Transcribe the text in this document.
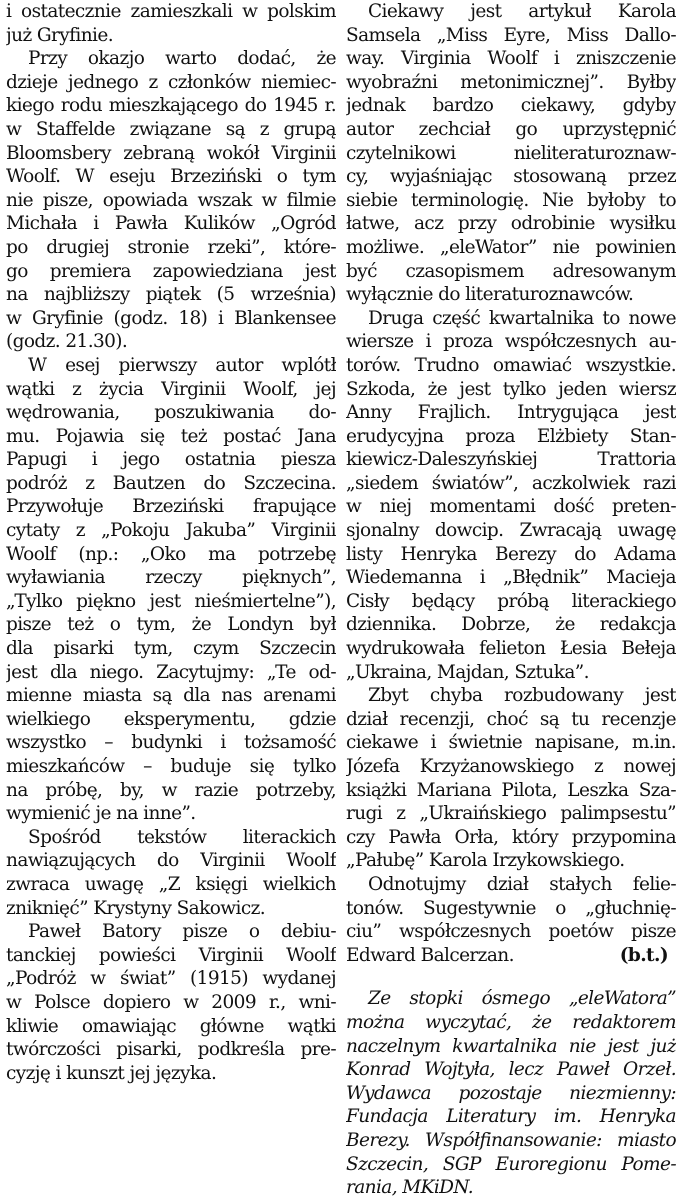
i ostatecznie zamieszkali w polskim
już Gryfinie.
Przy okazjo warto dodać, że
dzieje jednego z członków niemiec-
kiego rodu mieszkającego do 1945 r.
w Staffelde związane są z grupą
Bloomsbery zebraną wokół Virginii
Woolf. W eseju Brzeziński o tym
nie pisze, opowiada wszak w filmie
Michała i Pawła Kulików „Ogród
po drugiej stronie rzeki”, które-
go premiera zapowiedziana jest
na najbliższy piątek (5 września)
w Gryfinie (godz. 18) i Blankensee
(godz. 21.30).
W esej pierwszy autor wplótł
wątki z życia Virginii Woolf, jej
wędrowania, poszukiwania do-
mu. Pojawia się też postać Jana
Papugi i jego ostatnia piesza
podróż z Bautzen do Szczecina.
Przywołuje Brzeziński frapujące
cytaty z „Pokoju Jakuba” Virginii
Woolf (np.: „Oko ma potrzebę
wyławiania rzeczy pięknych”,
„Tylko piękno jest nieśmiertelne”),
pisze też o tym, że Londyn był
dla pisarki tym, czym Szczecin
jest dla niego. Zacytujmy: „Te od-
mienne miasta są dla nas arenami
wielkiego eksperymentu, gdzie
wszystko – budynki i tożsamość
mieszkańców – buduje się tylko
na próbę, by, w razie potrzeby,
wymienić je na inne”.
Spośród tekstów literackich
nawiązujących do Virginii Woolf
zwraca uwagę „Z księgi wielkich
zniknięć” Krystyny Sakowicz.
Paweł Batory pisze o debiu-
tanckiej powieści Virginii Woolf
„Podróż w świat” (1915) wydanej
w Polsce dopiero w 2009 r., wni-
kliwie omawiając główne wątki
twórczości pisarki, podkreśla pre-
cyzję i kunszt jej języka.
Ciekawy jest artykuł Karola
Samsela „Miss Eyre, Miss Dallo-
way. Virginia Woolf i zniszczenie
wyobraźni metonimicznej”. Byłby
jednak bardzo ciekawy, gdyby
autor zechciał go uprzystępnić
czytelnikowi nieliteraturoznaw-
cy, wyjaśniając stosowaną przez
siebie terminologię. Nie byłoby to
łatwe, acz przy odrobinie wysiłku
możliwe. „eleWator” nie powinien
być czasopismem adresowanym
wyłącznie do literaturoznawców.
Druga część kwartalnika to nowe
wiersze i proza współczesnych au-
torów. Trudno omawiać wszystkie.
Szkoda, że jest tylko jeden wiersz
Anny Frajlich. Intrygująca jest
erudycyjna proza Elżbiety Stan-
kiewicz-Daleszyńskiej Trattoria
„siedem światów”, aczkolwiek razi
w niej momentami dość preten-
sjonalny dowcip. Zwracają uwagę
listy Henryka Berezy do Adama
Wiedemanna i „Błędnik” Macieja
Cisły będący próbą literackiego
dziennika. Dobrze, że redakcja
wydrukowała felieton Łesia Bełeja
„Ukraina, Majdan, Sztuka”.
Zbyt chyba rozbudowany jest
dział recenzji, choć są tu recenzje
ciekawe i świetnie napisane, m.in.
Józefa Krzyżanowskiego z nowej
książki Mariana Pilota, Leszka Sza-
rugi z „Ukraińskiego palimpsestu”
czy Pawła Orła, który przypomina
„Pałubę” Karola Irzykowskiego.
Odnotujmy dział stałych felie-
tonów. Sugestywnie o „głuchnię-
ciu” współczesnych poetów pisze
Edward Balcerzan.	(b.t.)
Ze stopki ósmego „eleWatora”
można wyczytać, że redaktorem
naczelnym kwartalnika nie jest już
Konrad Wojtyła, lecz Paweł Orzeł.
Wydawca pozostaje niezmienny:
Fundacja Literatury im. Henryka
Berezy. Współfinansowanie: miasto
Szczecin, SGP Euroregionu Pome-
rania, MKiDN.
